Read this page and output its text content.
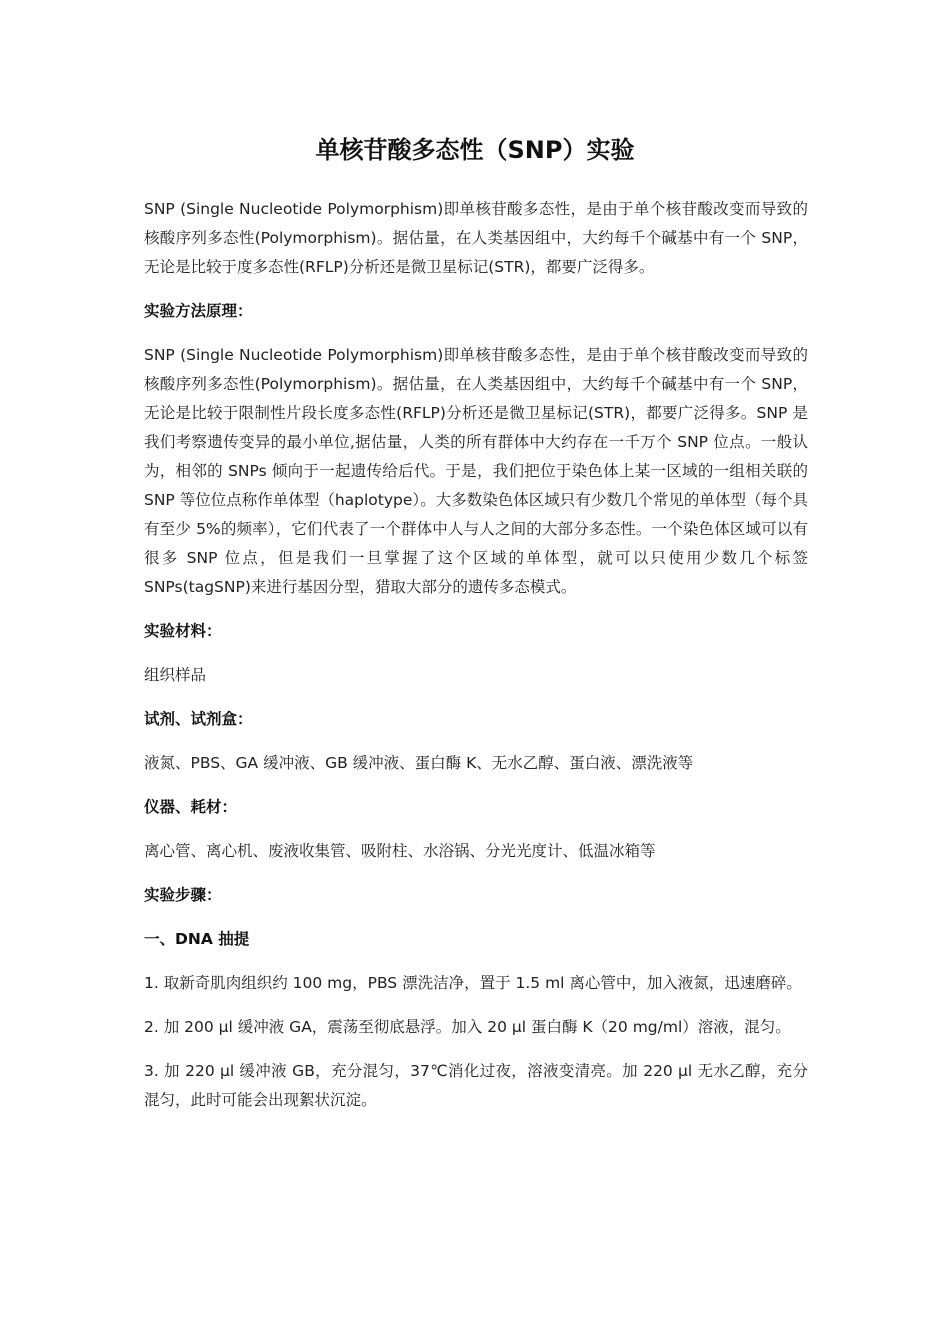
单核苷酸多态性（SNP）实验

SNP (Single Nucleotide Polymorphism)即单核苷酸多态性，是由于单个核苷酸改变而导致的核酸序列多态性(Polymorphism)。据估量，在人类基因组中，大约每千个碱基中有一个 SNP，无论是比较于度多态性(RFLP)分析还是微卫星标记(STR)，都要广泛得多。

实验方法原理：

SNP (Single Nucleotide Polymorphism)即单核苷酸多态性，是由于单个核苷酸改变而导致的核酸序列多态性(Polymorphism)。据估量，在人类基因组中，大约每千个碱基中有一个 SNP，无论是比较于限制性片段长度多态性(RFLP)分析还是微卫星标记(STR)，都要广泛得多。SNP 是我们考察遗传变异的最小单位,据估量，人类的所有群体中大约存在一千万个 SNP 位点。一般认为，相邻的 SNPs 倾向于一起遗传给后代。于是，我们把位于染色体上某一区域的一组相关联的 SNP 等位位点称作单体型（haplotype）。大多数染色体区域只有少数几个常见的单体型（每个具有至少 5%的频率），它们代表了一个群体中人与人之间的大部分多态性。一个染色体区域可以有很多 SNP 位点，但是我们一旦掌握了这个区域的单体型，就可以只使用少数几个标签 SNPs(tagSNP)来进行基因分型，猎取大部分的遗传多态模式。

实验材料：

组织样品

试剂、试剂盒：

液氮、PBS、GA 缓冲液、GB 缓冲液、蛋白酶 K、无水乙醇、蛋白液、漂洗液等

仪器、耗材：

离心管、离心机、废液收集管、吸附柱、水浴锅、分光光度计、低温冰箱等

实验步骤：
一、DNA 抽提

1. 取新奇肌肉组织约 100 mg，PBS 漂洗洁净，置于 1.5 ml 离心管中，加入液氮，迅速磨碎。

2. 加 200 µl 缓冲液 GA，震荡至彻底悬浮。加入 20 µl 蛋白酶 K（20 mg/ml）溶液，混匀。

3. 加 220 µl 缓冲液 GB，充分混匀，37℃消化过夜，溶液变清亮。加 220 µl 无水乙醇，充分混匀，此时可能会出现絮状沉淀。
